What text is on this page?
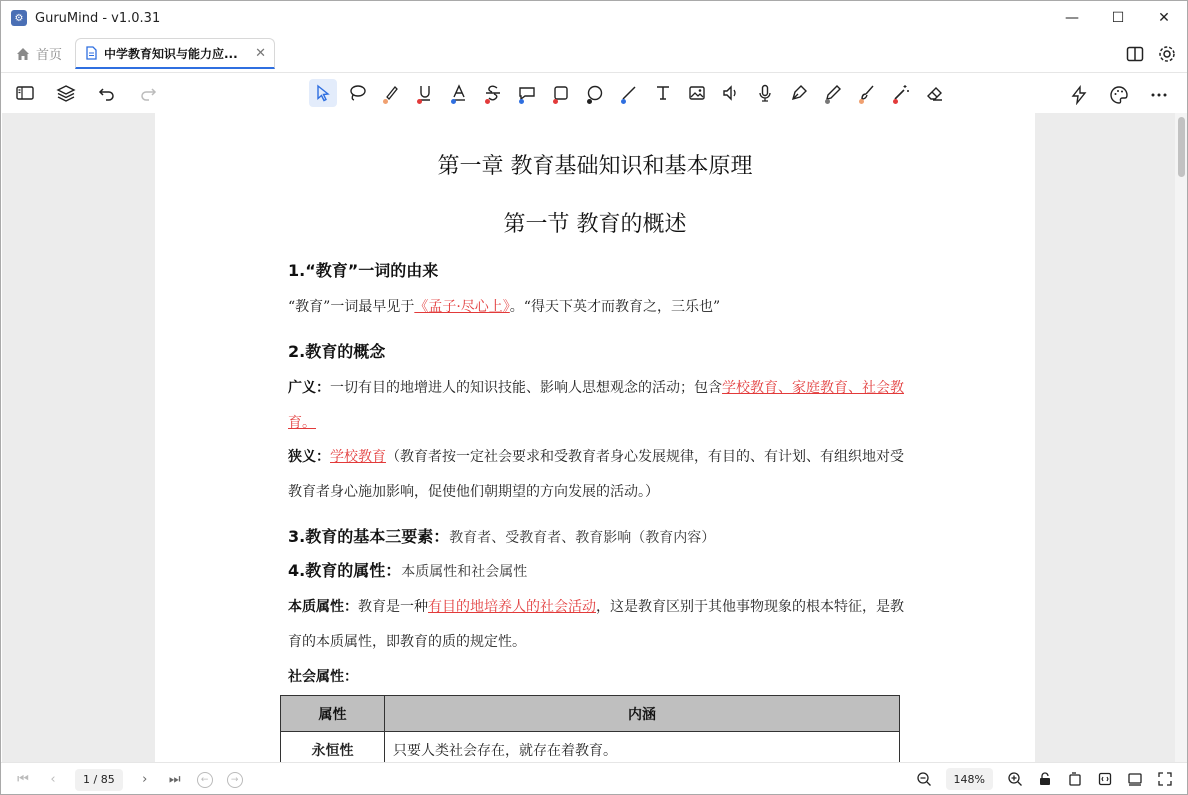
⚙ GuruMind - v1.0.31	—	☐	✕
首页	中学教育知识与能力应...	✕
第一章 教育基础知识和基本原理
第一节 教育的概述
1.“教育”一词的由来
“教育”一词最早见于《孟子·尽心上》。“得天下英才而教育之，三乐也”
2.教育的概念
广义：一切有目的地增进人的知识技能、影响人思想观念的活动；包含学校教育、家庭教育、社会教育。
狭义：学校教育（教育者按一定社会要求和受教育者身心发展规律，有目的、有计划、有组织地对受教育者身心施加影响，促使他们朝期望的方向发展的活动。）
3.教育的基本三要素：教育者、受教育者、教育影响（教育内容）
4.教育的属性：本质属性和社会属性
本质属性：教育是一种有目的地培养人的社会活动，这是教育区别于其他事物现象的根本特征，是教育的本质属性，即教育的质的规定性。
社会属性：
属性	内涵
永恒性	只要人类社会存在，就存在着教育。
⏮	‹	1 / 85	›	⏭	←	→	148%
